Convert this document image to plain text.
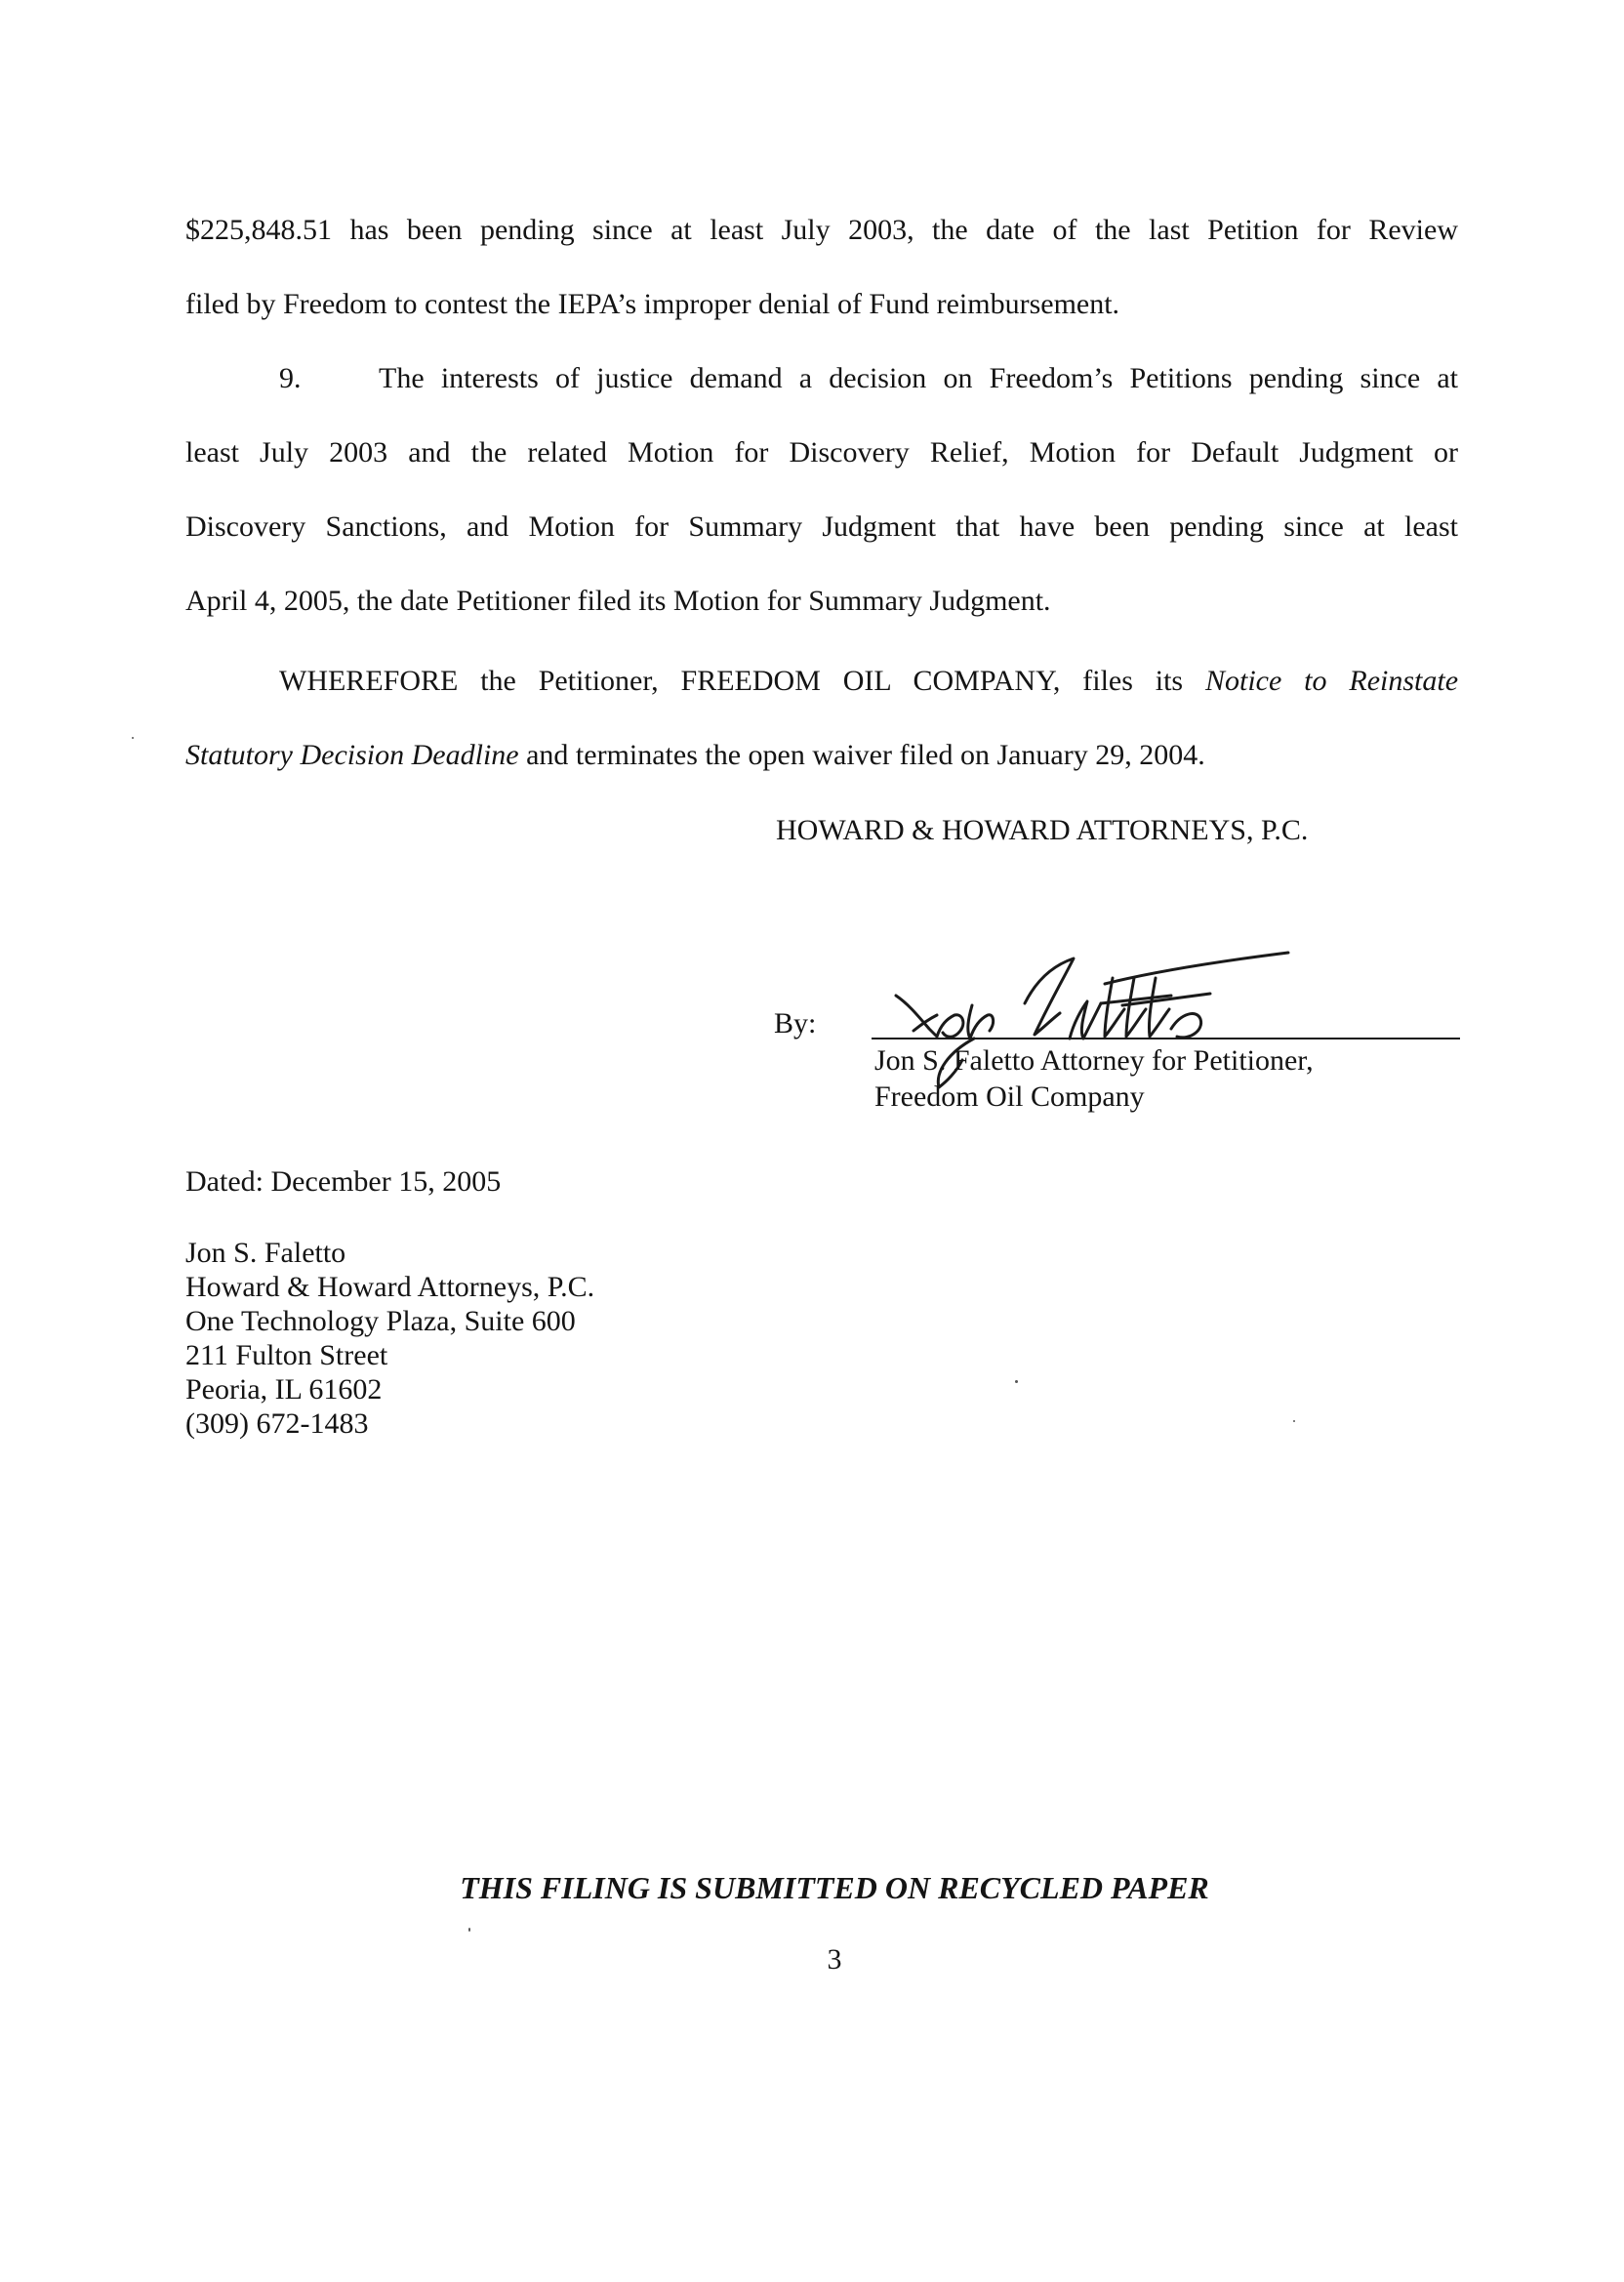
$225,848.51 has been pending since at least July 2003, the date of the last Petition for Review
filed by Freedom to contest the IEPA’s improper denial of Fund reimbursement.
9.	The interests of justice demand a decision on Freedom’s Petitions pending since at
least July 2003 and the related Motion for Discovery Relief, Motion for Default Judgment or
Discovery Sanctions, and Motion for Summary Judgment that have been pending since at least
April 4, 2005, the date Petitioner filed its Motion for Summary Judgment.
WHEREFORE the Petitioner, FREEDOM OIL COMPANY, files its Notice to Reinstate
Statutory Decision Deadline and terminates the open waiver filed on January 29, 2004.
HOWARD & HOWARD ATTORNEYS, P.C.
By:
Jon S. Faletto Attorney for Petitioner,
Freedom Oil Company
Dated: December 15, 2005
Jon S. Faletto
Howard & Howard Attorneys, P.C.
One Technology Plaza, Suite 600
211 Fulton Street
Peoria, IL 61602
(309) 672-1483
THIS FILING IS SUBMITTED ON RECYCLED PAPER
3
